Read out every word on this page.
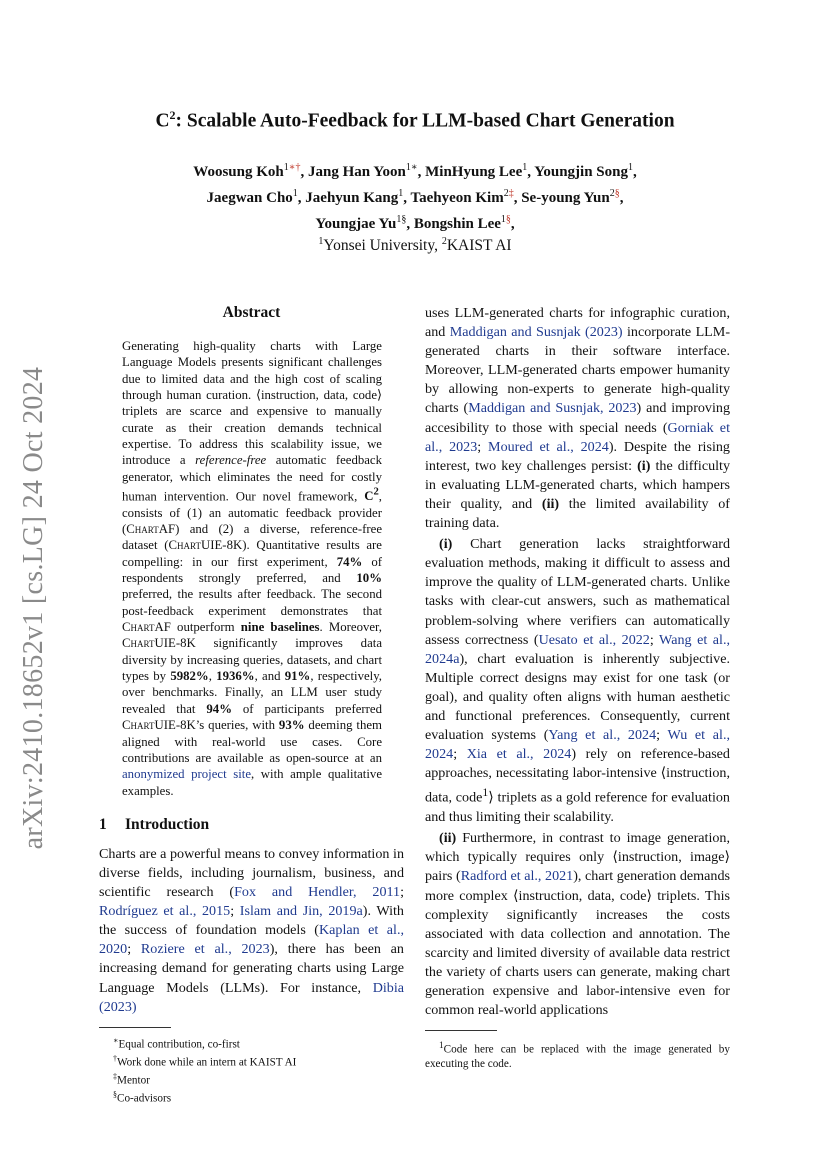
arXiv:2410.18652v1 [cs.LG] 24 Oct 2024
$C^2$: Scalable Auto-Feedback for LLM-based Chart Generation
Woosung Koh$^{1∗\dagger}$, Jang Han Yoon$^{1∗}$, MinHyung Lee$^1$, Youngjin Song$^1$,
Jaegwan Cho$^1$, Jaehyun Kang$^1$, Taehyeon Kim$^{2\ddagger}$, Se-young Yun$^{2\S}$,
Youngjae $Yu^{1\S}$, Bongshin Lee$^{1\S}$,
$^1$Yonsei University, $^2$KAIST AI
Abstract
Generating high-quality charts with Large Language Models presents significant challenges due to limited data and the high cost of scaling through human curation. ⟨instruction, data, code⟩ triplets are scarce and expensive to manually curate as their creation demands technical expertise. To address this scalability issue, we introduce a reference-free automatic feedback generator, which eliminates the need for costly human intervention. Our novel framework, $C^2$, consists of (1) an automatic feedback provider (ChartAF) and (2) a diverse, reference-free dataset (ChartUIE-8K). Quantitative results are compelling: in our first experiment, 74% of respondents strongly preferred, and 10% preferred, the results after feedback. The second post-feedback experiment demonstrates that ChartAF outperform nine baselines. Moreover, ChartUIE-8K significantly improves data diversity by increasing queries, datasets, and chart types by 5982%, 1936%, and 91%, respectively, over benchmarks. Finally, an LLM user study revealed that 94% of participants preferred ChartUIE-8K’s queries, with 93% deeming them aligned with real-world use cases. Core contributions are available as open-source at an anonymized project site, with ample qualitative examples.
1 Introduction
Charts are a powerful means to convey information in diverse fields, including journalism, business, and scientific research (Fox and Hendler, 2011; Rodríguez et al., 2015; Islam and Jin, 2019a). With the success of foundation models (Kaplan et al., 2020; Roziere et al., 2023), there has been an increasing demand for generating charts using Large Language Models (LLMs). For instance, Dibia (2023)
∗Equal contribution, co-first
†Work done while an intern at KAIST AI
‡Mentor
§Co-advisors

uses LLM-generated charts for infographic curation, and Maddigan and Susnjak (2023) incorporate LLM-generated charts in their software interface. Moreover, LLM-generated charts empower humanity by allowing non-experts to generate high-quality charts (Maddigan and Susnjak, 2023) and improving accesibility to those with special needs (Gorniak et al., 2023; Moured et al., 2024). Despite the rising interest, two key challenges persist: (i) the difficulty in evaluating LLM-generated charts, which hampers their quality, and (ii) the limited availability of training data.

(i) Chart generation lacks straightforward evaluation methods, making it difficult to assess and improve the quality of LLM-generated charts. Unlike tasks with clear-cut answers, such as mathematical problem-solving where verifiers can automatically assess correctness (Uesato et al., 2022; Wang et al., 2024a), chart evaluation is inherently subjective. Multiple correct designs may exist for one task (or goal), and quality often aligns with human aesthetic and functional preferences. Consequently, current evaluation systems (Yang et al., 2024; Wu et al., 2024; Xia et al., 2024) rely on reference-based approaches, necessitating labor-intensive ⟨instruction, data, code$^1$⟩ triplets as a gold reference for evaluation and thus limiting their scalability.

(ii) Furthermore, in contrast to image generation, which typically requires only ⟨instruction, image⟩ pairs (Radford et al., 2021), chart generation demands more complex ⟨instruction, data, code⟩ triplets. This complexity significantly increases the costs associated with data collection and annotation. The scarcity and limited diversity of available data restrict the variety of charts users can generate, making chart generation expensive and labor-intensive even for common real-world applications

$^1$Code here can be replaced with the image generated by executing the code.
